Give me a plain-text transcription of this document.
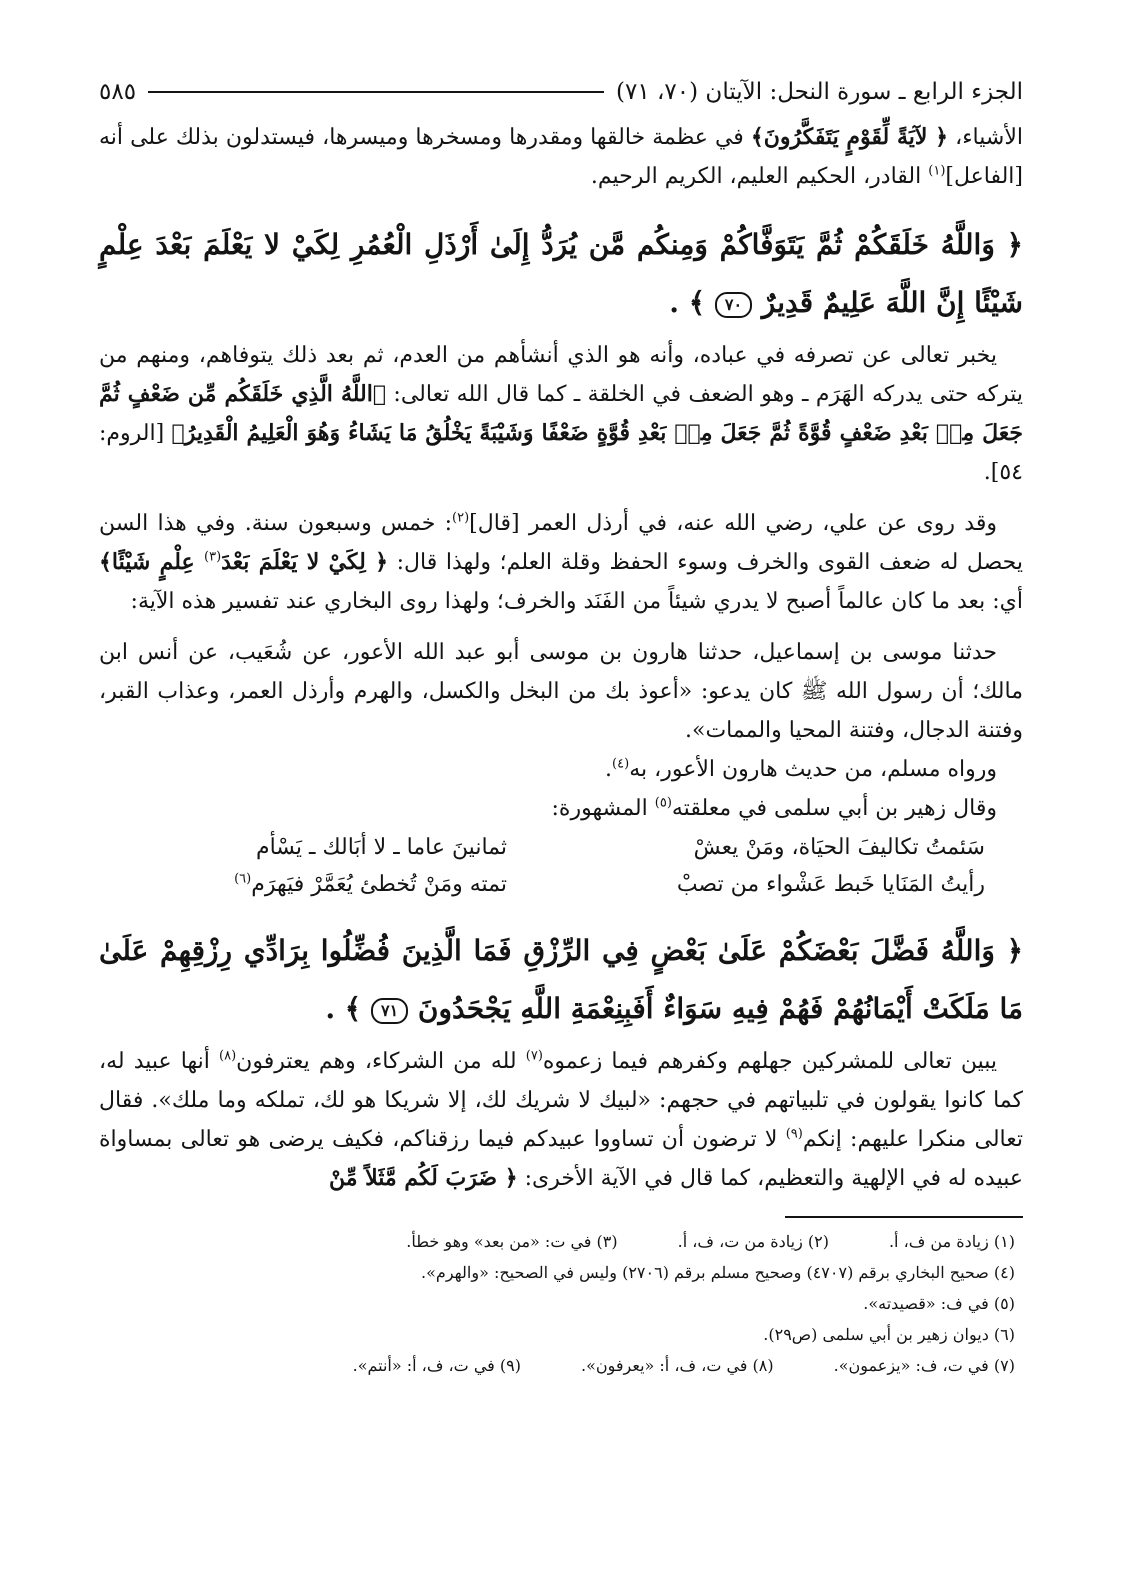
الجزء الرابع ـ سورة النحل: الآيتان (٧٠، ٧١)
٥٨٥

الأشياء، ﴿ لآيَةً لِّقَوْمٍ يَتَفَكَّرُونَ﴾ في عظمة خالقها ومقدرها ومسخرها وميسرها، فيستدلون بذلك على أنه [الفاعل]$^{(١)}$ القادر، الحكيم العليم، الكريم الرحيم.

﴿ وَاللَّهُ خَلَقَكُمْ ثُمَّ يَتَوَفَّاكُمْ وَمِنكُم مَّن يُرَدُّ إِلَىٰ أَرْذَلِ الْعُمُرِ لِكَيْ لا يَعْلَمَ بَعْدَ عِلْمٍ شَيْئًا إِنَّ اللَّهَ عَلِيمٌ قَدِيرٌ ٧٠ ﴾ .

يخبر تعالى عن تصرفه في عباده، وأنه هو الذي أنشأهم من العدم، ثم بعد ذلك يتوفاهم، ومنهم من يتركه حتى يدركه الهَرَم ـ وهو الضعف في الخلقة ـ كما قال الله تعالى: ﴿اللَّهُ الَّذِي خَلَقَكُم مِّن ضَعْفٍ ثُمَّ جَعَلَ مِنۢ بَعْدِ ضَعْفٍ قُوَّةً ثُمَّ جَعَلَ مِنۢ بَعْدِ قُوَّةٍ ضَعْفًا وَشَيْبَةً يَخْلُقُ مَا يَشَاءُ وَهُوَ الْعَلِيمُ الْقَدِيرُ﴾ [الروم: ٥٤].

وقد روى عن علي، رضي الله عنه، في أرذل العمر [قال]$^{(٢)}$: خمس وسبعون سنة. وفي هذا السن يحصل له ضعف القوى والخرف وسوء الحفظ وقلة العلم؛ ولهذا قال: ﴿ لِكَيْ لا يَعْلَمَ بَعْدَ$^{(٣)}$ عِلْمٍ شَيْئًا﴾ أي: بعد ما كان عالماً أصبح لا يدري شيئاً من الفَنَد والخرف؛ ولهذا روى البخاري عند تفسير هذه الآية:

حدثنا موسى بن إسماعيل، حدثنا هارون بن موسى أبو عبد الله الأعور، عن شُعَيب، عن أنس ابن مالك؛ أن رسول الله ﷺ كان يدعو: «أعوذ بك من البخل والكسل، والهرم وأرذل العمر، وعذاب القبر، وفتنة الدجال، وفتنة المحيا والممات».

ورواه مسلم، من حديث هارون الأعور، به$^{(٤)}$.

وقال زهير بن أبي سلمى في معلقته$^{(٥)}$ المشهورة:

سَئمتُ تكاليفَ الحيَاة، ومَنْ يعشْ
ثمانينَ عاما ـ لا أبَالك ـ يَسْأم
رأيتُ المَنَايا خَبط عَشْواء من تصبْ
تمته ومَنْ تُخطئ يُعَمَّرْ فيَهرَم$^{(٦)}$
﴿ وَاللَّهُ فَضَّلَ بَعْضَكُمْ عَلَىٰ بَعْضٍ فِي الرِّزْقِ فَمَا الَّذِينَ فُضِّلُوا بِرَادِّي رِزْقِهِمْ عَلَىٰ مَا مَلَكَتْ أَيْمَانُهُمْ فَهُمْ فِيهِ سَوَاءٌ أَفَبِنِعْمَةِ اللَّهِ يَجْحَدُونَ ٧١ ﴾ .

يبين تعالى للمشركين جهلهم وكفرهم فيما زعموه$^{(٧)}$ لله من الشركاء، وهم يعترفون$^{(٨)}$ أنها عبيد له، كما كانوا يقولون في تلبياتهم في حجهم: «لبيك لا شريك لك، إلا شريكا هو لك، تملكه وما ملك». فقال تعالى منكرا عليهم: إنكم$^{(٩)}$ لا ترضون أن تساووا عبيدكم فيما رزقناكم، فكيف يرضى هو تعالى بمساواة عبيده له في الإلهية والتعظيم، كما قال في الآية الأخرى: ﴿ ضَرَبَ لَكُم مَّثَلاً مِّنْ

(١) زيادة من ف، أ.
(٢) زيادة من ت، ف، أ.
(٣) في ت: «من بعد» وهو خطأ.
(٤) صحيح البخاري برقم (٤٧٠٧) وصحيح مسلم برقم (٢٧٠٦) وليس في الصحيح: «والهرم».
(٥) في ف: «قصيدته».
(٦) ديوان زهير بن أبي سلمى (ص٢٩).
(٧) في ت، ف: «يزعمون».
(٨) في ت، ف، أ: «يعرفون».
(٩) في ت، ف، أ: «أنتم».
